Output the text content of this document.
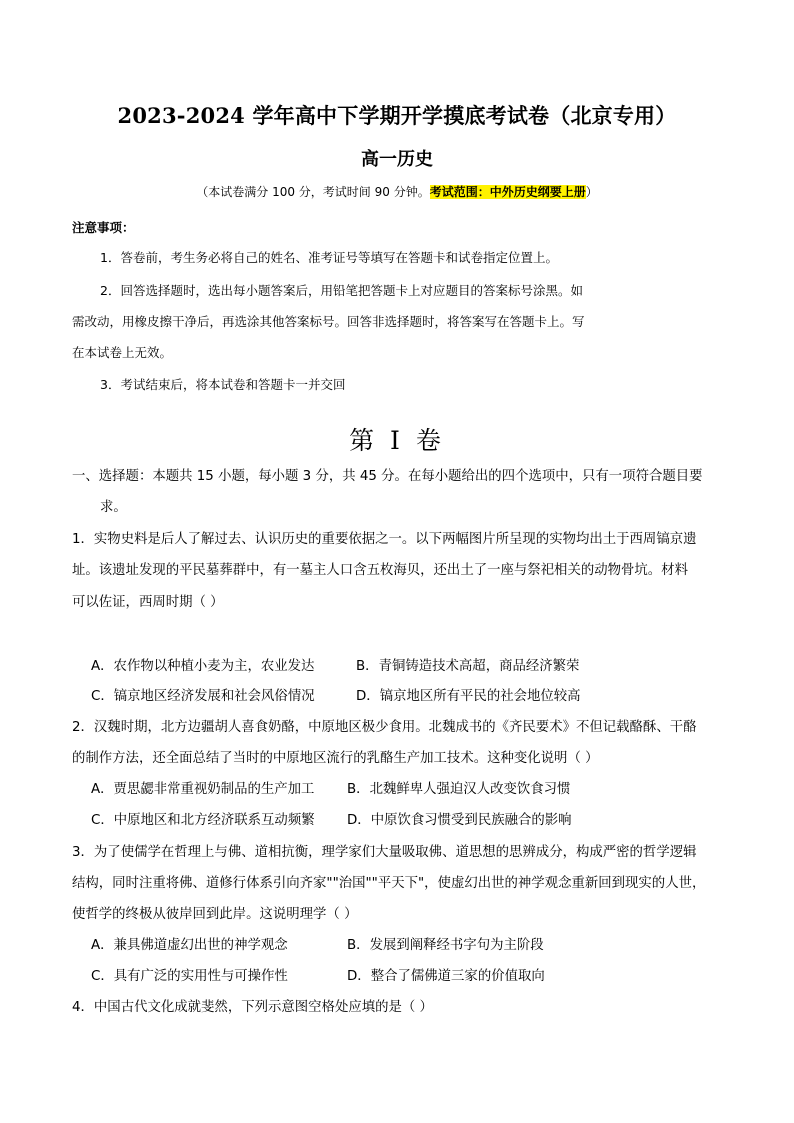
2023-2024 学年高中下学期开学摸底考试卷（北京专用）
高一历史
（本试卷满分 100 分，考试时间 90 分钟。考试范围：中外历史纲要上册）
注意事项：
1．答卷前，考生务必将自己的姓名、准考证号等填写在答题卡和试卷指定位置上。
2．回答选择题时，选出每小题答案后，用铅笔把答题卡上对应题目的答案标号涂黑。如
需改动，用橡皮擦干净后，再选涂其他答案标号。回答非选择题时，将答案写在答题卡上。写
在本试卷上无效。
3．考试结束后，将本试卷和答题卡一并交回
第 I 卷
一、选择题：本题共 15 小题，每小题 3 分，共 45 分。在每小题给出的四个选项中，只有一项符合题目要
求。
1．实物史料是后人了解过去、认识历史的重要依据之一。以下两幅图片所呈现的实物均出土于西周镐京遗
址。该遗址发现的平民墓葬群中，有一墓主人口含五枚海贝，还出土了一座与祭祀相关的动物骨坑。材料
可以佐证，西周时期（ ）
A．农作物以种植小麦为主，农业发达	B．青铜铸造技术高超，商品经济繁荣
C．镐京地区经济发展和社会风俗情况	D．镐京地区所有平民的社会地位较高
2．汉魏时期，北方边疆胡人喜食奶酪，中原地区极少食用。北魏成书的《齐民要术》不但记载酪酥、干酪
的制作方法，还全面总结了当时的中原地区流行的乳酪生产加工技术。这种变化说明（ ）
A．贾思勰非常重视奶制品的生产加工 B．北魏鲜卑人强迫汉人改变饮食习惯
C．中原地区和北方经济联系互动频繁 D．中原饮食习惯受到民族融合的影响
3．为了使儒学在哲理上与佛、道相抗衡，理学家们大量吸取佛、道思想的思辨成分，构成严密的哲学逻辑
结构，同时注重将佛、道修行体系引向齐家""治国""平天下"，使虚幻出世的神学观念重新回到现实的人世，
使哲学的终极从彼岸回到此岸。这说明理学（ ）
A．兼具佛道虚幻出世的神学观念	B．发展到阐释经书字句为主阶段
C．具有广泛的实用性与可操作性	D．整合了儒佛道三家的价值取向
4．中国古代文化成就斐然，下列示意图空格处应填的是（ ）
